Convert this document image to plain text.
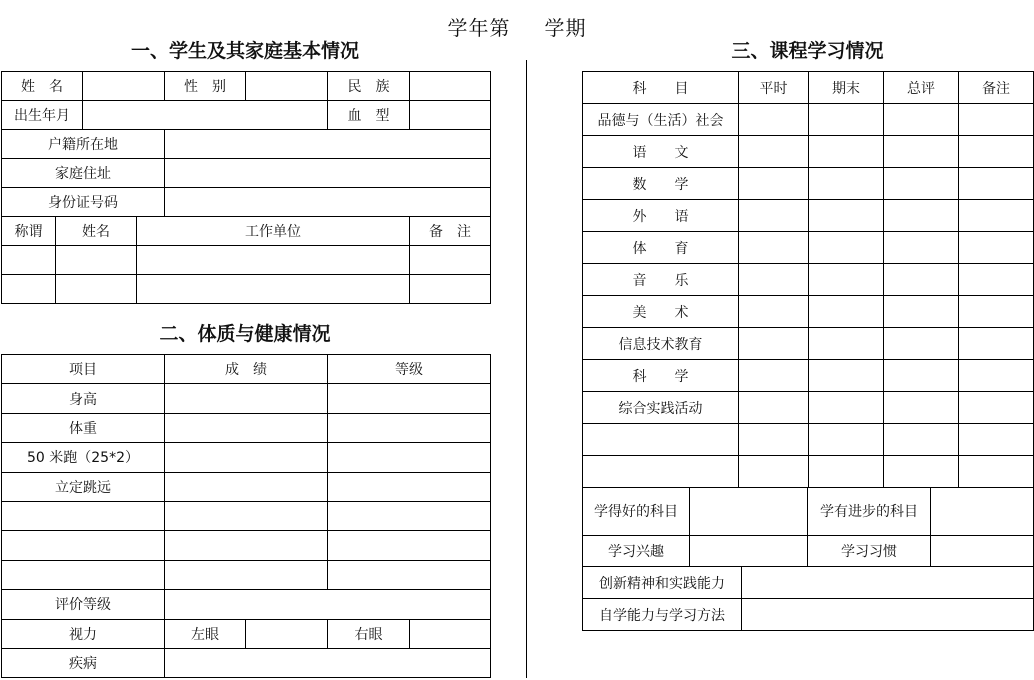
学年第 学期
一、学生及其家庭基本情况
二、体质与健康情况
三、课程学习情况
姓　名				性　别		民　族	
出生年月						血　型	
户籍所在地							
家庭住址							
身份证号码							
称谓	姓名		工作单位				备　注

项目	成　绩		等级	
身高				
体重				
50 米跑（25*2）				
立定跳远				

评价等级				
视力	左眼		右眼	
疾病				
科　　目	平时	期末	总评	备注
品德与（生活）社会				
语　　文				
数　　学				
外　　语				
体　　育				
音　　乐				
美　　术				
信息技术教育				
科　　学				
综合实践活动				

学得好的科目			学有进步的科目	
学习兴趣			学习习惯	
创新精神和实践能力				
自学能力与学习方法				
